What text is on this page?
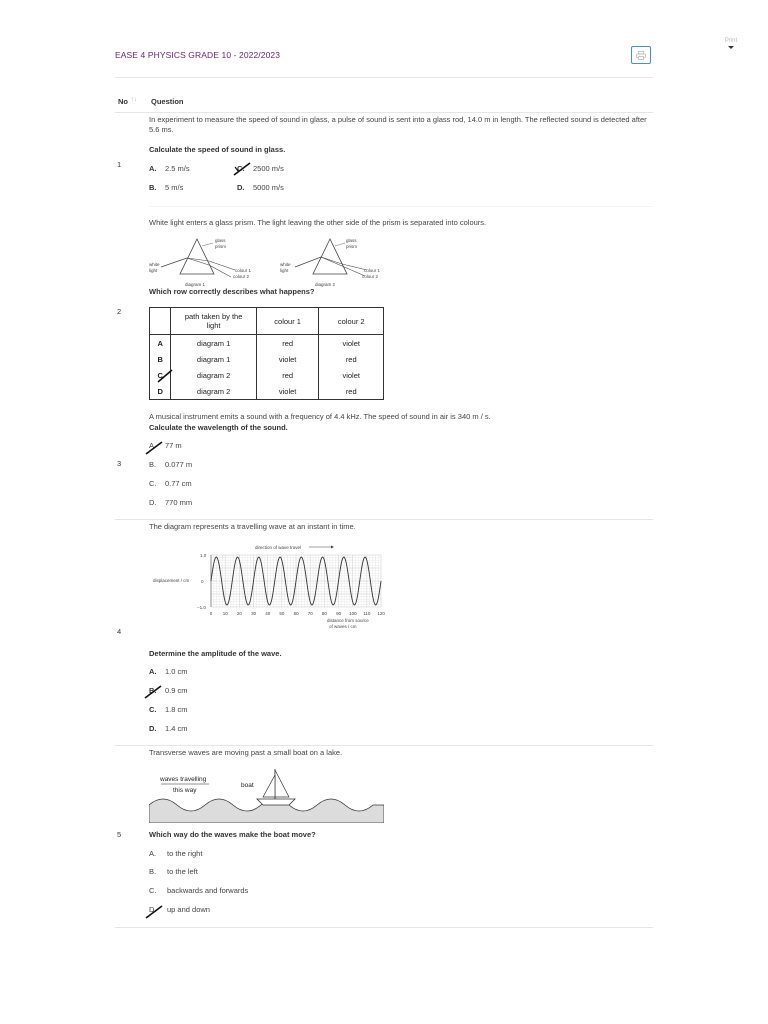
Print
EASE 4 PHYSICS GRADE 10 - 2022/2023
No ↑↓ Question
1
In experiment to measure the speed of sound in glass, a pulse of sound is sent into a glass rod, 14.0 m in length. The reflected sound is detected after 5.6 ms.
Calculate the speed of sound in glass.
A. 2.5 m/s	C. 2500 m/s
B. 5 m/s	D. 5000 m/s
2
White light enters a glass prism. The light leaving the other side of the prism is separated into colours.
glass
prism
white
light	colour 1
colour 2
diagram 1
glass
prism
white
light	colour 1
colour 2
diagram 2
Which row correctly describes what happens?
	path taken by the light	colour 1	colour 2
A	diagram 1	red	violet
B	diagram 1	violet	red
C	diagram 2	red	violet
D	diagram 2	violet	red
3
A musical instrument emits a sound with a frequency of 4.4 kHz. The speed of sound in air is 340 m / s.
Calculate the wavelength of the sound.
A. 77 m
B. 0.077 m
C. 0.77 cm
D. 770 mm
4
The diagram represents a travelling wave at an instant in time.
direction of wave travel
displacement / cm
1.0
0
−1.0
0 10 20 30 40 50 60 70 80 90 100 110 120
distance from source
of waves / cm
Determine the amplitude of the wave.
A. 1.0 cm
B. 0.9 cm
C. 1.8 cm
D. 1.4 cm
5
Transverse waves are moving past a small boat on a lake.
waves travelling
this way
boat
Which way do the waves make the boat move?
A. to the right
B. to the left
C. backwards and forwards
D. up and down
